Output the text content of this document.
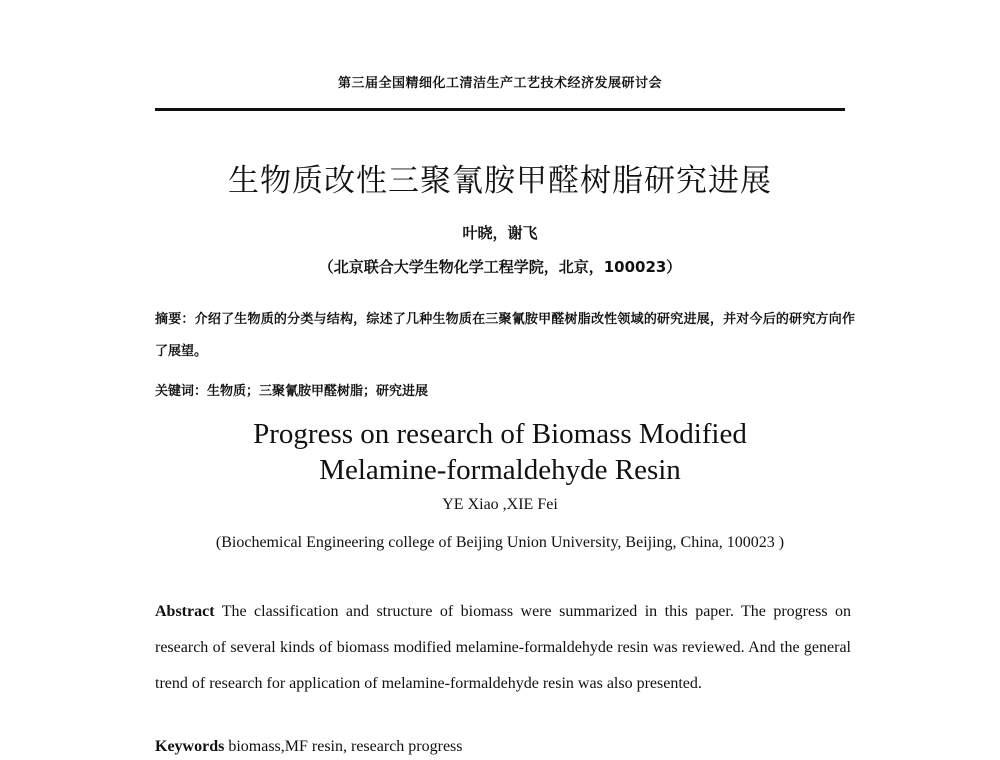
第三届全国精细化工清洁生产工艺技术经济发展研讨会

生物质改性三聚氰胺甲醛树脂研究进展

叶晓，谢飞

（北京联合大学生物化学工程学院，北京，100023）

摘要：介绍了生物质的分类与结构，综述了几种生物质在三聚氰胺甲醛树脂改性领域的研究进展，并对今后的研究方向作了展望。

关键词：生物质；三聚氰胺甲醛树脂；研究进展

Progress on research of Biomass Modified
Melamine-formaldehyde Resin

YE Xiao ,XIE Fei

(Biochemical Engineering college of Beijing Union University, Beijing, China, 100023 )

Abstract The classification and structure of biomass were summarized in this paper. The progress on research of several kinds of biomass modified melamine-formaldehyde resin was reviewed. And the general trend of research for application of melamine-formaldehyde resin was also presented.

Keywords biomass,MF resin, research progress
